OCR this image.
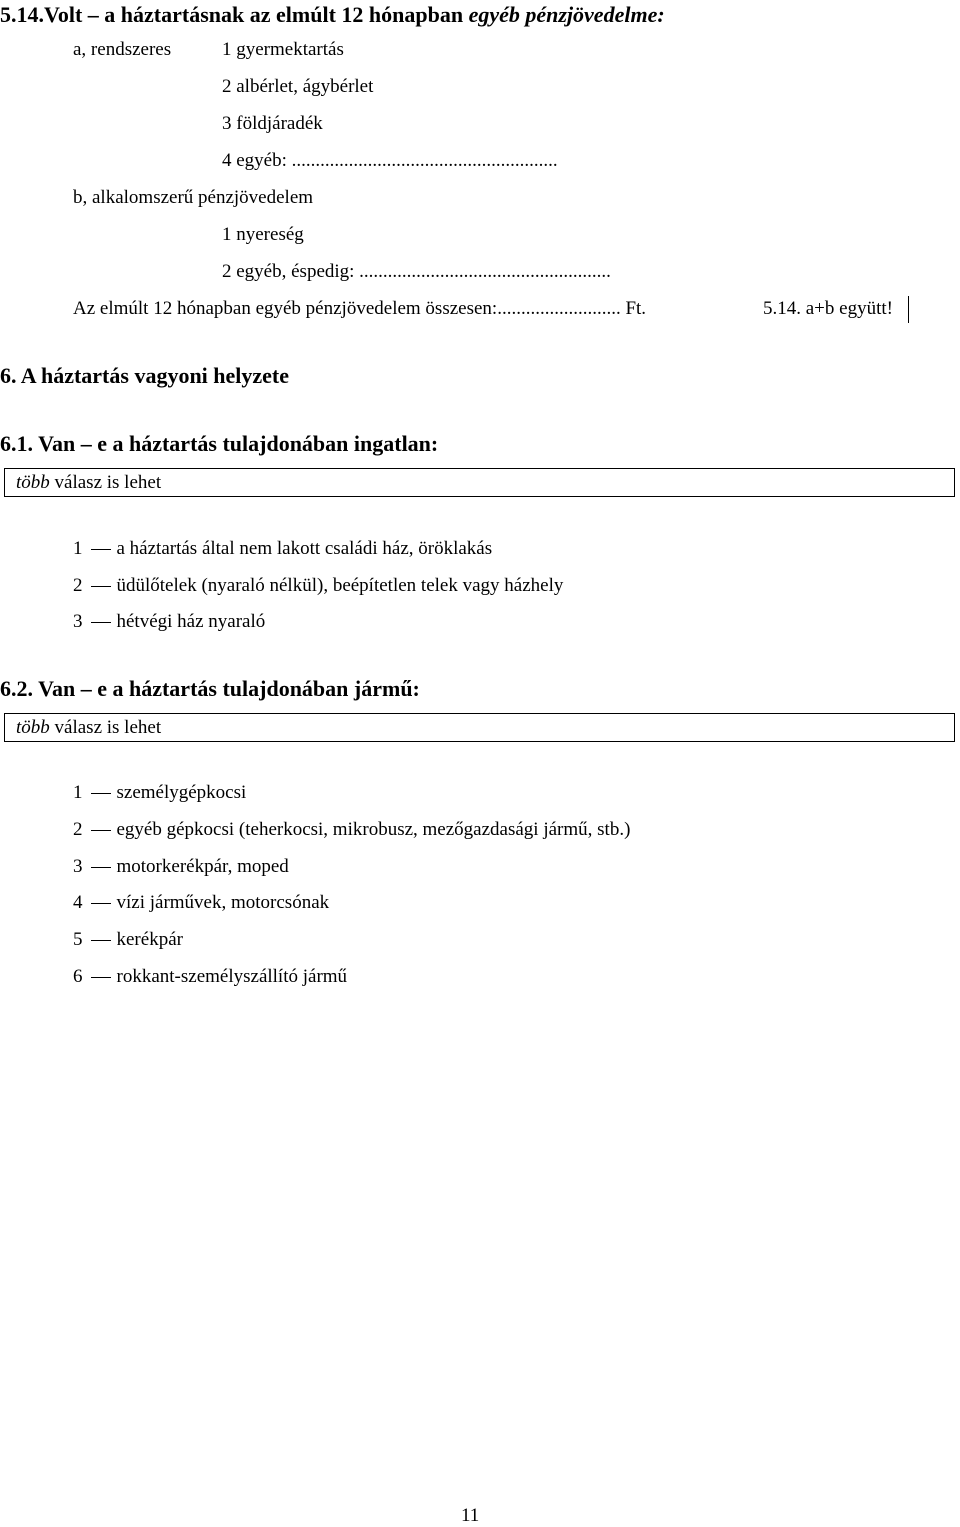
5.14.Volt – a háztartásnak az elmúlt 12 hónapban egyéb pénzjövedelme:
a, rendszeres	1 gyermektartás
2 albérlet, ágybérlet
3 földjáradék
4 egyéb: ........................................................
b, alkalomszerű pénzjövedelem
1 nyereség
2 egyéb, éspedig: .....................................................
Az elmúlt 12 hónapban egyéb pénzjövedelem összesen:.......................... Ft.	5.14. a+b együtt!
6. A háztartás vagyoni helyzete
6.1. Van – e a háztartás tulajdonában ingatlan:
több válasz is lehet
1 a háztartás által nem lakott családi ház, öröklakás
2 üdülőtelek (nyaraló nélkül), beépítetlen telek vagy házhely
3 hétvégi ház nyaraló
6.2. Van – e a háztartás tulajdonában jármű:
több válasz is lehet
1 személygépkocsi
2 egyéb gépkocsi (teherkocsi, mikrobusz, mezőgazdasági jármű, stb.)
3 motorkerékpár, moped
4 vízi járművek, motorcsónak
5 kerékpár
6 rokkant-személyszállító jármű
11
